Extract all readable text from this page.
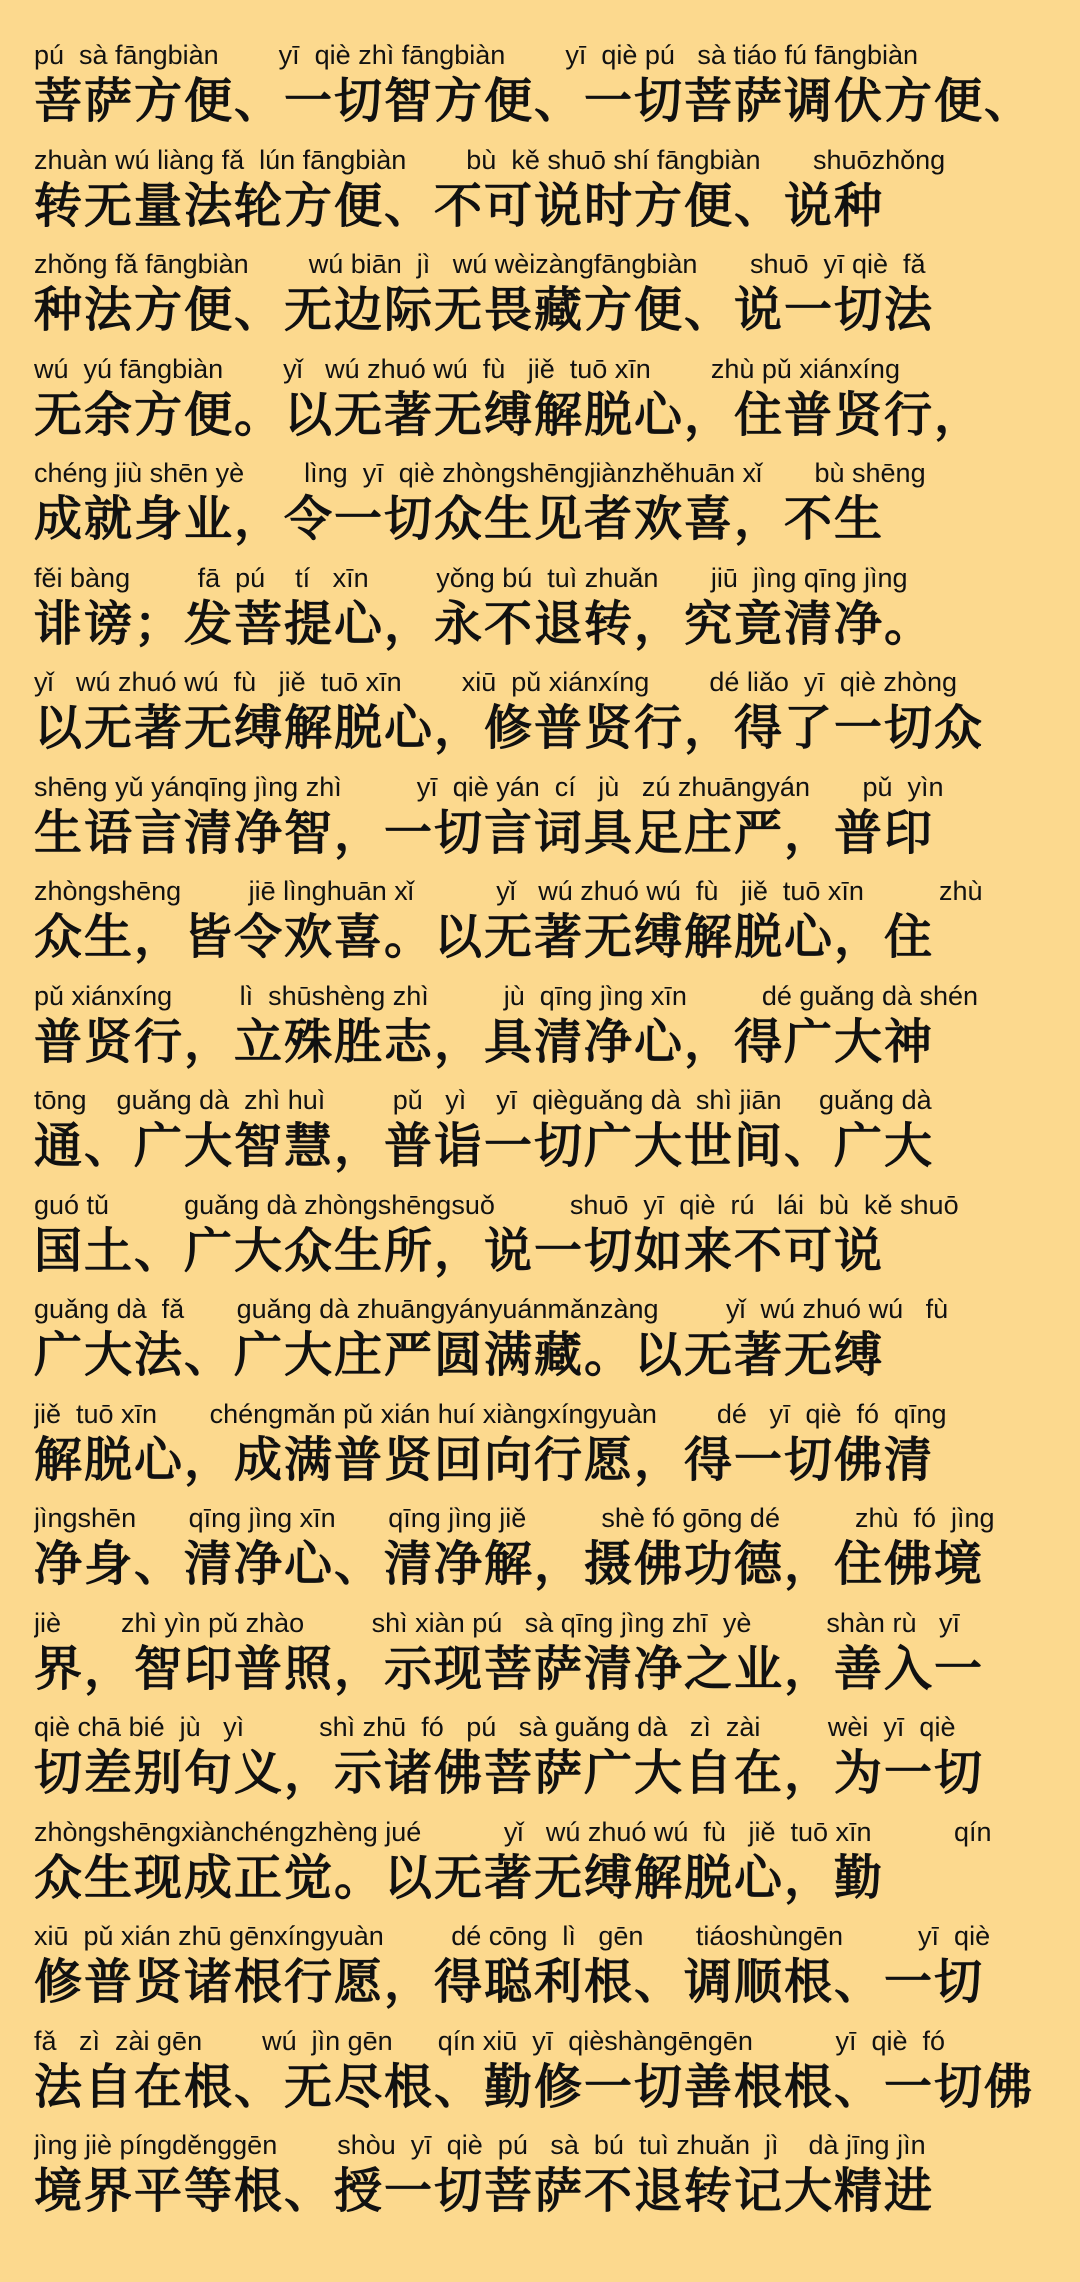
pú  sà fāngbiàn        yī  qiè zhì fāngbiàn        yī  qiè pú   sà tiáo fú fāngbiàn
菩萨方便、一切智方便、一切菩萨调伏方便、
zhuàn wú liàng fǎ  lún fāngbiàn        bù  kě shuō shí fāngbiàn       shuōzhǒng
转无量法轮方便、不可说时方便、说种
zhǒng fǎ fāngbiàn        wú biān  jì   wú wèizàngfāngbiàn       shuō  yī qiè  fǎ
种法方便、无边际无畏藏方便、说一切法
wú  yú fāngbiàn        yǐ   wú zhuó wú  fù   jiě  tuō xīn        zhù pǔ xiánxíng
无余方便。以无著无缚解脱心，住普贤行，
chéng jiù shēn yè        lìng  yī  qiè zhòngshēngjiànzhěhuān xǐ       bù shēng
成就身业，令一切众生见者欢喜，不生
fěi bàng         fā  pú    tí   xīn         yǒng bú  tuì zhuǎn       jiū  jìng qīng jìng
诽谤；发菩提心，永不退转，究竟清净。
yǐ   wú zhuó wú  fù   jiě  tuō xīn        xiū  pǔ xiánxíng        dé liǎo  yī  qiè zhòng
以无著无缚解脱心，修普贤行，得了一切众
shēng yǔ yánqīng jìng zhì          yī  qiè yán  cí   jù   zú zhuāngyán       pǔ  yìn
生语言清净智，一切言词具足庄严，普印
zhòngshēng         jiē lìnghuān xǐ           yǐ   wú zhuó wú  fù   jiě  tuō xīn          zhù
众生，皆令欢喜。以无著无缚解脱心，住
pǔ xiánxíng         lì  shūshèng zhì          jù  qīng jìng xīn          dé guǎng dà shén
普贤行，立殊胜志，具清净心，得广大神
tōng    guǎng dà  zhì huì         pǔ   yì    yī  qièguǎng dà  shì jiān     guǎng dà
通、广大智慧，普诣一切广大世间、广大
guó tǔ          guǎng dà zhòngshēngsuǒ          shuō  yī  qiè  rú   lái  bù  kě shuō
国土、广大众生所，说一切如来不可说
guǎng dà  fǎ       guǎng dà zhuāngyányuánmǎnzàng         yǐ  wú zhuó wú   fù
广大法、广大庄严圆满藏。以无著无缚
jiě  tuō xīn       chéngmǎn pǔ xián huí xiàngxíngyuàn        dé   yī  qiè  fó  qīng
解脱心，成满普贤回向行愿，得一切佛清
jìngshēn       qīng jìng xīn       qīng jìng jiě          shè fó gōng dé          zhù  fó  jìng
净身、清净心、清净解，摄佛功德，住佛境
jiè        zhì yìn pǔ zhào         shì xiàn pú   sà qīng jìng zhī  yè          shàn rù   yī
界，智印普照，示现菩萨清净之业，善入一
qiè chā bié  jù   yì          shì zhū  fó   pú   sà guǎng dà   zì  zài         wèi  yī  qiè
切差别句义，示诸佛菩萨广大自在，为一切
zhòngshēngxiànchéngzhèng jué           yǐ   wú zhuó wú  fù   jiě  tuō xīn           qín
众生现成正觉。以无著无缚解脱心，勤
xiū  pǔ xián zhū gēnxíngyuàn         dé cōng  lì   gēn       tiáoshùngēn          yī  qiè
修普贤诸根行愿，得聪利根、调顺根、一切
fǎ   zì  zài gēn        wú  jìn gēn      qín xiū  yī  qièshàngēngēn           yī  qiè  fó
法自在根、无尽根、勤修一切善根根、一切佛
jìng jiè píngděnggēn        shòu  yī  qiè  pú   sà  bú  tuì zhuǎn  jì    dà jīng jìn
境界平等根、授一切菩萨不退转记大精进
